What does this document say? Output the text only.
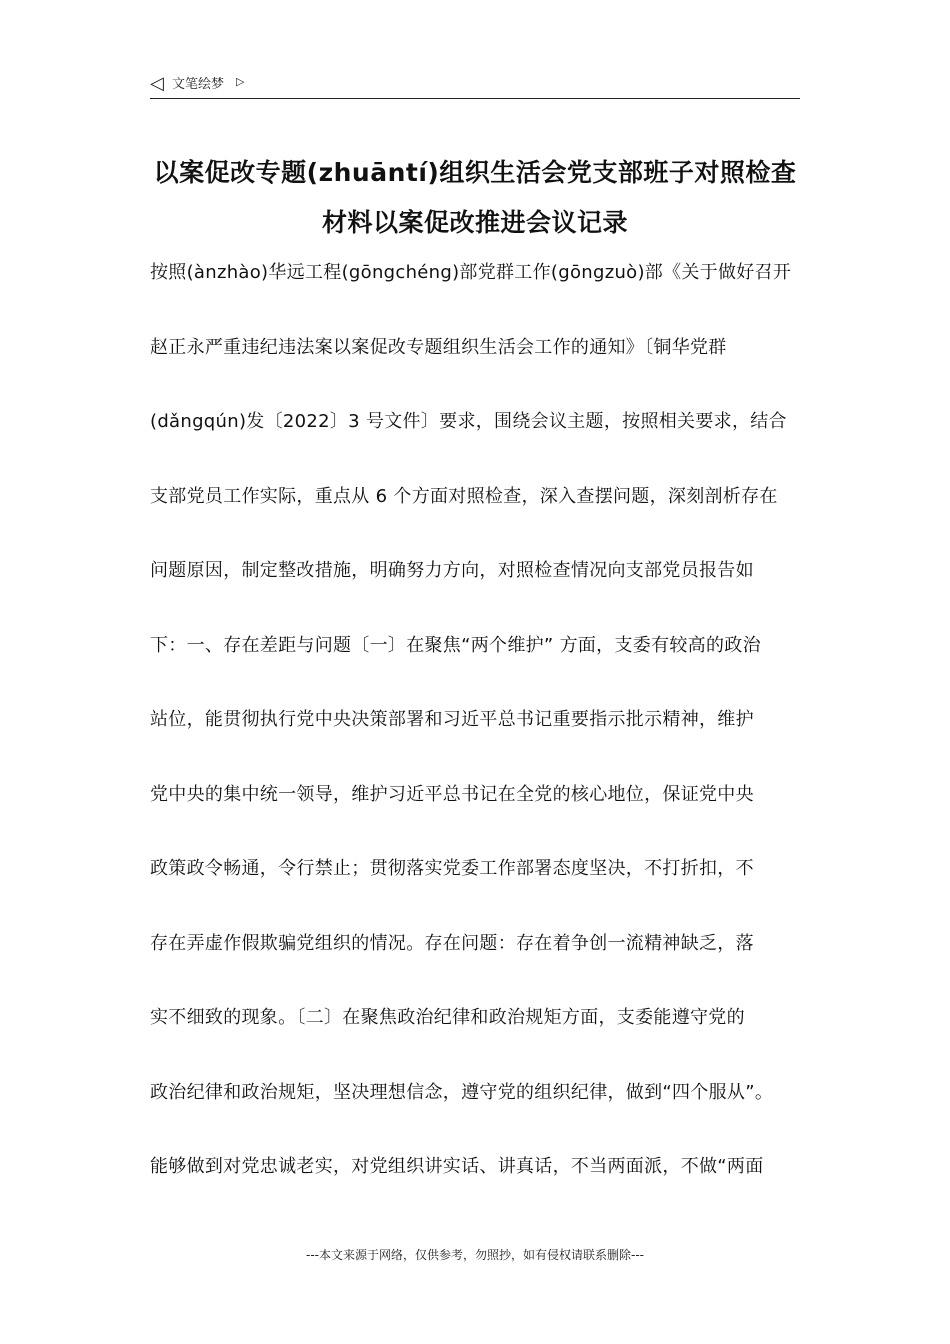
◁ 文笔绘梦 ▷
以案促改专题(zhuāntí)组织生活会党支部班子对照检查
材料以案促改推进会议记录
按照(ànzhào)华远工程(gōngchéng)部党群工作(gōngzuò)部《关于做好召开
赵正永严重违纪违法案以案促改专题组织生活会工作的通知》〔铜华党群
(dǎngqún)发〔2022〕3 号文件〕要求，围绕会议主题，按照相关要求，结合
支部党员工作实际，重点从 6 个方面对照检查，深入查摆问题，深刻剖析存在
问题原因，制定整改措施，明确努力方向，对照检查情况向支部党员报告如
下：一、存在差距与问题〔一〕在聚焦“两个维护” 方面，支委有较高的政治
站位，能贯彻执行党中央决策部署和习近平总书记重要指示批示精神，维护
党中央的集中统一领导，维护习近平总书记在全党的核心地位，保证党中央
政策政令畅通，令行禁止；贯彻落实党委工作部署态度坚决，不打折扣，不
存在弄虚作假欺骗党组织的情况。存在问题：存在着争创一流精神缺乏，落
实不细致的现象。〔二〕在聚焦政治纪律和政治规矩方面，支委能遵守党的
政治纪律和政治规矩，坚决理想信念，遵守党的组织纪律，做到“四个服从”。
能够做到对党忠诚老实，对党组织讲实话、讲真话，不当两面派，不做“两面
---本文来源于网络，仅供参考，勿照抄，如有侵权请联系删除---
